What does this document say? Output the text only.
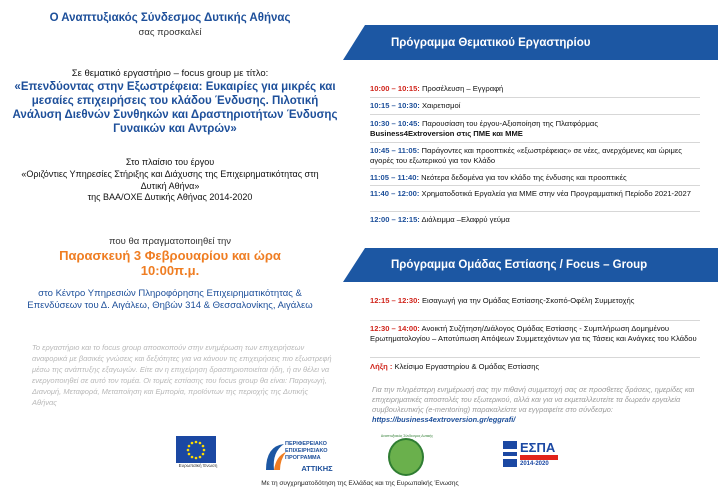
Ο Αναπτυξιακός Σύνδεσμος Δυτικής Αθήνας
σας προσκαλεί
Σε θεματικό εργαστήριο – focus group με τίτλο:
«Επενδύοντας στην Εξωστρέφεια: Ευκαιρίες για μικρές και μεσαίες επιχειρήσεις του κλάδου Ένδυσης. Πιλοτική Ανάλυση Διεθνών Συνθηκών και Δραστηριοτήτων Ένδυσης Γυναικών και Αντρών»
Στο πλαίσιο του έργου
«Οριζόντιες Υπηρεσίες Στήριξης και Διάχυσης της Επιχειρηματικότητας στη Δυτική Αθήνα»
της ΒΑΑ/ΟΧΕ Δυτικής Αθήνας 2014-2020
που θα πραγματοποιηθεί την
Παρασκευή 3 Φεβρουαρίου και ώρα
10:00π.μ.
στο Κέντρο Υπηρεσιών Πληροφόρησης Επιχειρηματικότητας & Επενδύσεων του Δ. Αιγάλεω, Θηβών 314 & Θεσσαλονίκης, Αιγάλεω
Το εργαστήριο και το focus group αποσκοπούν στην ενημέρωση των επιχειρήσεων αναφορικά με βασικές γνώσεις και δεξιότητες για να κάνουν τις επιχειρήσεις πιο εξωστρεφή μέσω της ανάπτυξης εξαγωγών. Είτε αν η επιχείρηση δραστηριοποιείται ήδη, ή αν θέλει να ενεργοποιηθεί σε αυτό τον τομέα. Οι τομείς εστίασης του focus group θα είναι: Παραγωγή, Διανομή, Μεταφορά, Μεταποίηση και Εμπορία, προϊόντων της περιοχής της Δυτικής Αθήνας
Πρόγραμμα Θεματικού Εργαστηρίου
10:00 – 10:15: Προσέλευση – Εγγραφή
10:15 – 10:30: Χαιρετισμοί
10:30 – 10:45: Παρουσίαση του έργου-Αξιοποίηση της Πλατφόρμας
Business4Extroversion στις ΠΜΕ και ΜΜΕ
10:45 – 11:05: Παράγοντες και προοπτικές «εξωστρέφειας» σε νέες, ανερχόμενες και ώριμες αγορές του εξωτερικού για τον Κλάδο
11:05 – 11:40: Νεότερα δεδομένα για τον κλάδο της ένδυσης και προοπτικές
11:40 – 12:00: Χρηματοδοτικά Εργαλεία για ΜΜΕ στην νέα Προγραμματική Περίοδο 2021-2027
12:00 – 12:15: Διάλειμμα –Ελαφρύ γεύμα
Πρόγραμμα Ομάδας Εστίασης / Focus – Group
12:15 – 12:30: Εισαγωγή για την Ομάδας Εστίασης-Σκοπό-Οφέλη Συμμετοχής
12:30 – 14:00: Ανοικτή Συζήτηση/Διάλογος Ομάδας Εστίασης - Συμπλήρωση Δομημένου Ερωτηματολογίου – Αποτύπωση Απόψεων Συμμετεχόντων για τις Τάσεις και Ανάγκες του Κλάδου
Λήξη : Κλείσιμο Εργαστηρίου & Ομάδας Εστίασης
Για την πληρέστερη ενημέρωσή σας την πιθανή συμμετοχή σας σε προσθετες δράσεις, ημερίδες και επιχειρηματικές αποστολές του εξωτερικού, αλλά και για να εκμεταλλευτείτε τα δωρεάν εργαλεία συμβουλευτικής (e-mentoring) παρακαλείστε να εγγραφείτε στο σύνδεσμο: https://business4extroversion.gr/eggrafi/
Ευρωπαϊκή Ένωση
ΠΕΡΙΦΕΡΕΙΑΚΟ
ΕΠΙΧΕΙΡΗΣΙΑΚΟ
ΠΡΟΓΡΑΜΜΑ
ΑΤΤΙΚΗΣ
Αναπτυξιακός Σύνδεσμος Δυτικής
ΕΣΠΑ
2014-2020
Με τη συγχρηματοδότηση της Ελλάδας και της Ευρωπαϊκής Ένωσης
